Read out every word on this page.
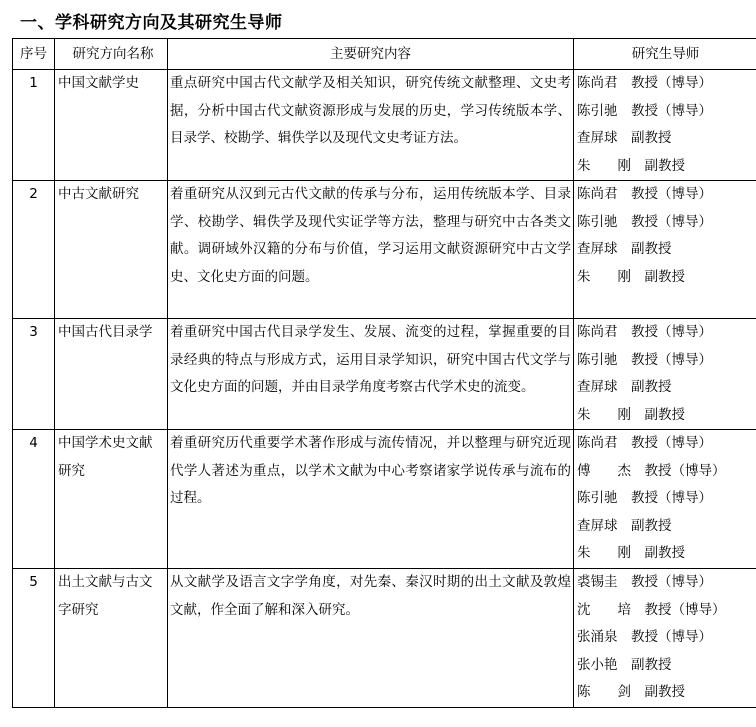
一、学科研究方向及其研究生导师
序号	研究方向名称	主要研究内容	研究生导师
1	中国文献学史	重点研究中国古代文献学及相关知识，研究传统文献整理、文史考据，分析中国古代文献资源形成与发展的历史，学习传统版本学、目录学、校勘学、辑佚学以及现代文史考证方法。	陈尚君　教授（博导）
陈引驰　教授（博导）
查屏球　副教授
朱　　刚　副教授

2	中古文献研究	着重研究从汉到元古代文献的传承与分布，运用传统版本学、目录学、校勘学、辑佚学及现代实证学等方法，整理与研究中古各类文献。调研域外汉籍的分布与价值，学习运用文献资源研究中古文学史、文化史方面的问题。	陈尚君　教授（博导）
陈引驰　教授（博导）
查屏球　副教授
朱　　刚　副教授

3	中国古代目录学	着重研究中国古代目录学发生、发展、流变的过程，掌握重要的目录经典的特点与形成方式，运用目录学知识，研究中国古代文学与文化史方面的问题，并由目录学角度考察古代学术史的流变。	陈尚君　教授（博导）
陈引驰　教授（博导）
查屏球　副教授
朱　　刚　副教授

4	中国学术史文献研究	着重研究历代重要学术著作形成与流传情况，并以整理与研究近现代学人著述为重点，以学术文献为中心考察诸家学说传承与流布的过程。	陈尚君　教授（博导）
傅　　杰　教授（博导）
陈引驰　教授（博导）
查屏球　副教授
朱　　刚　副教授

5	出土文献与古文字研究	从文献学及语言文字学角度，对先秦、秦汉时期的出土文献及敦煌文献，作全面了解和深入研究。	裘锡圭　教授（博导）
沈　　培　教授（博导）
张涌泉　教授（博导）
张小艳　副教授
陈　　剑　副教授
